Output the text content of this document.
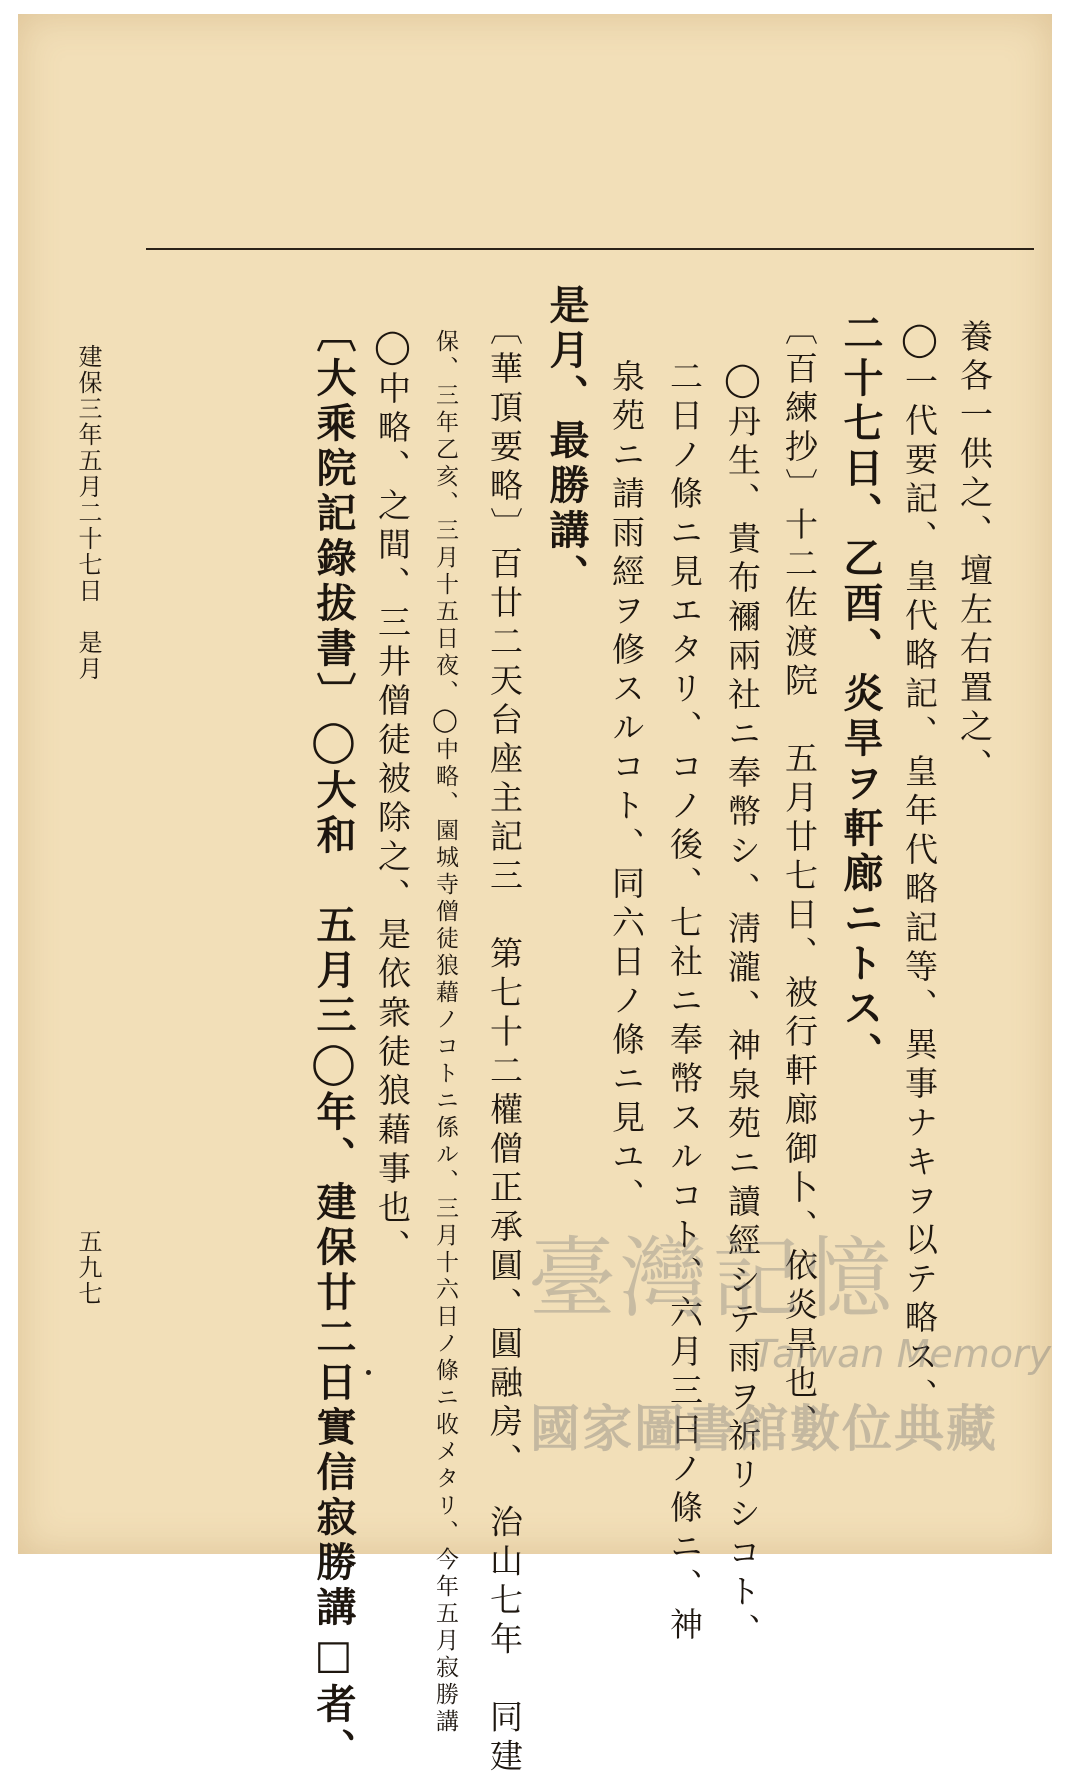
養各一供之、壇左右置之、
◯一代要記、皇代略記、皇年代略記等、異事ナキヲ以テ略ス、
二十七日、乙酉、炎旱ヲ軒廊ニトス、
〔百練抄〕十二佐渡院　五月廿七日、被行軒廊御卜、依炎旱也、
◯丹生、貴布禰兩社ニ奉幣シ、淸瀧、神泉苑ニ讀經シテ雨ヲ祈リシコト、
二日ノ條ニ見エタリ、コノ後、七社ニ奉幣スルコト、六月三日ノ條ニ、神
泉苑ニ請雨經ヲ修スルコト、同六日ノ條ニ見ユ、
是月、最勝講、
〔華頂要略〕百廿二天台座主記三　第七十二權僧正承圓、圓融房、　治山七年　同建
保、三年乙亥、三月十五日夜、◯中略、園城寺僧徒狼藉ノコトニ係ル、三月十六日ノ條ニ收メタリ、今年五月寂勝講
◯中略、之間、三井僧徒被除之、是依衆徒狼藉事也、
〔大乘院記錄拔書〕◯大和　五月三◯年、建保廿二日實信寂勝講□者、
建保三年五月二十七日　是月
五九七	臺灣記憶
Taiwan Memory
國家圖書館數位典藏
